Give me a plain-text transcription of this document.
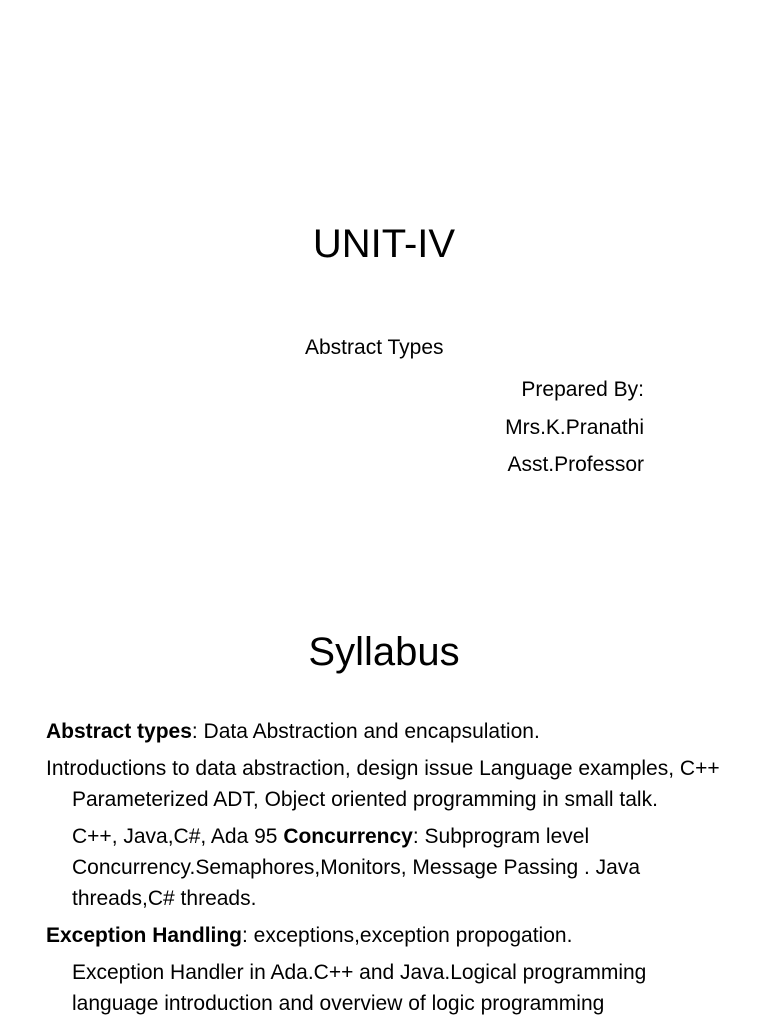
UNIT-IV
Abstract Types
Prepared By:
Mrs.K.Pranathi
Asst.Professor
Syllabus

Abstract types: Data Abstraction and encapsulation.

Introductions to data abstraction, design issue Language examples, C++ Parameterized ADT, Object oriented programming in small talk.

C++, Java,C#, Ada 95 Concurrency: Subprogram level Concurrency.Semaphores,Monitors, Message Passing . Java threads,C# threads.

Exception Handling: exceptions,exception propogation.

Exception Handler in Ada.C++ and Java.Logical programming language introduction and overview of logic programming
